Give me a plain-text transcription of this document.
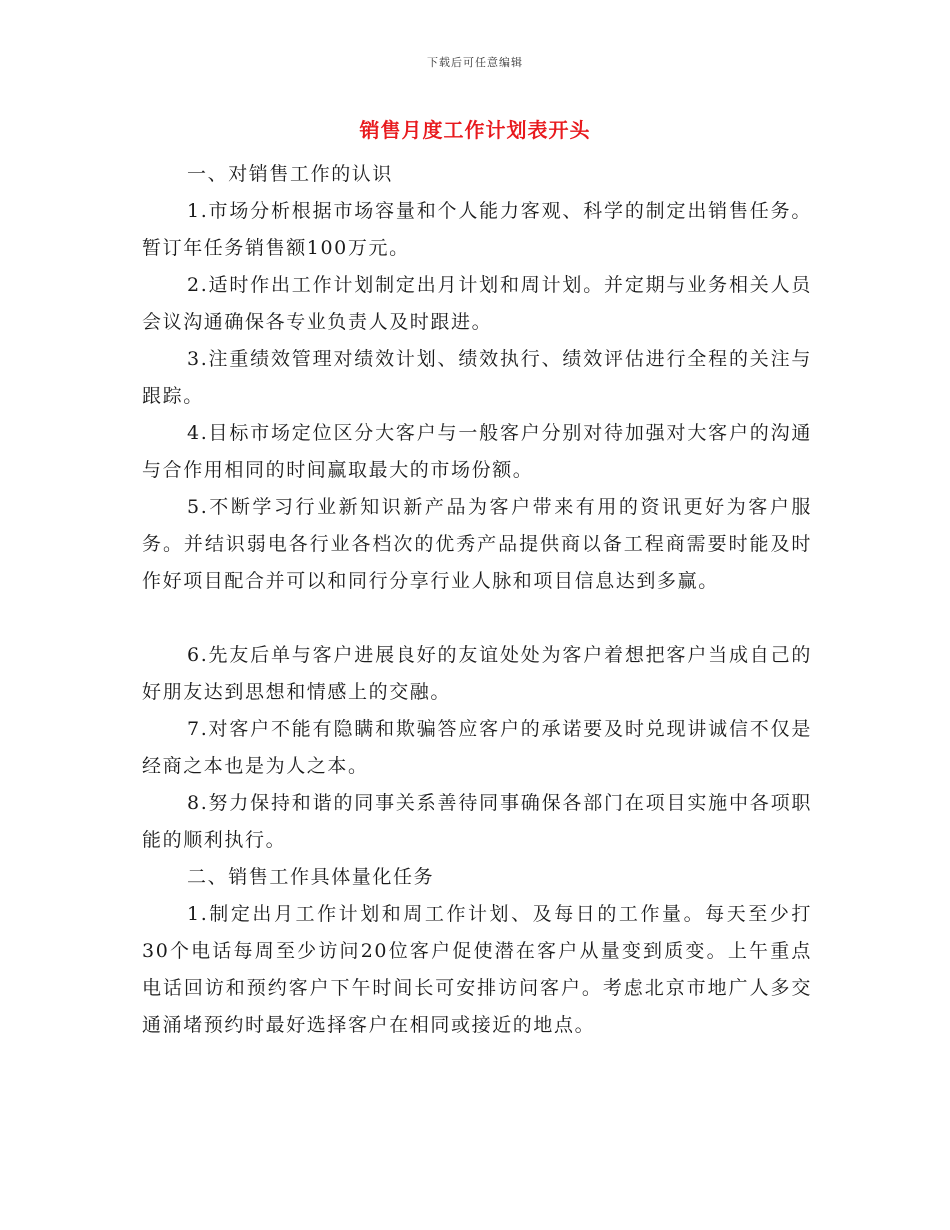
下载后可任意编辑
销售月度工作计划表开头

一、对销售工作的认识

1.市场分析根据市场容量和个人能力客观、科学的制定出销售任务。暂订年任务销售额100万元。

2.适时作出工作计划制定出月计划和周计划。并定期与业务相关人员会议沟通确保各专业负责人及时跟进。

3.注重绩效管理对绩效计划、绩效执行、绩效评估进行全程的关注与跟踪。

4.目标市场定位区分大客户与一般客户分别对待加强对大客户的沟通与合作用相同的时间赢取最大的市场份额。

5.不断学习行业新知识新产品为客户带来有用的资讯更好为客户服务。并结识弱电各行业各档次的优秀产品提供商以备工程商需要时能及时作好项目配合并可以和同行分享行业人脉和项目信息达到多赢。

6.先友后单与客户进展良好的友谊处处为客户着想把客户当成自己的好朋友达到思想和情感上的交融。

7.对客户不能有隐瞒和欺骗答应客户的承诺要及时兑现讲诚信不仅是经商之本也是为人之本。

8.努力保持和谐的同事关系善待同事确保各部门在项目实施中各项职能的顺利执行。

二、销售工作具体量化任务

1.制定出月工作计划和周工作计划、及每日的工作量。每天至少打30个电话每周至少访问20位客户促使潜在客户从量变到质变。上午重点电话回访和预约客户下午时间长可安排访问客户。考虑北京市地广人多交通涌堵预约时最好选择客户在相同或接近的地点。
